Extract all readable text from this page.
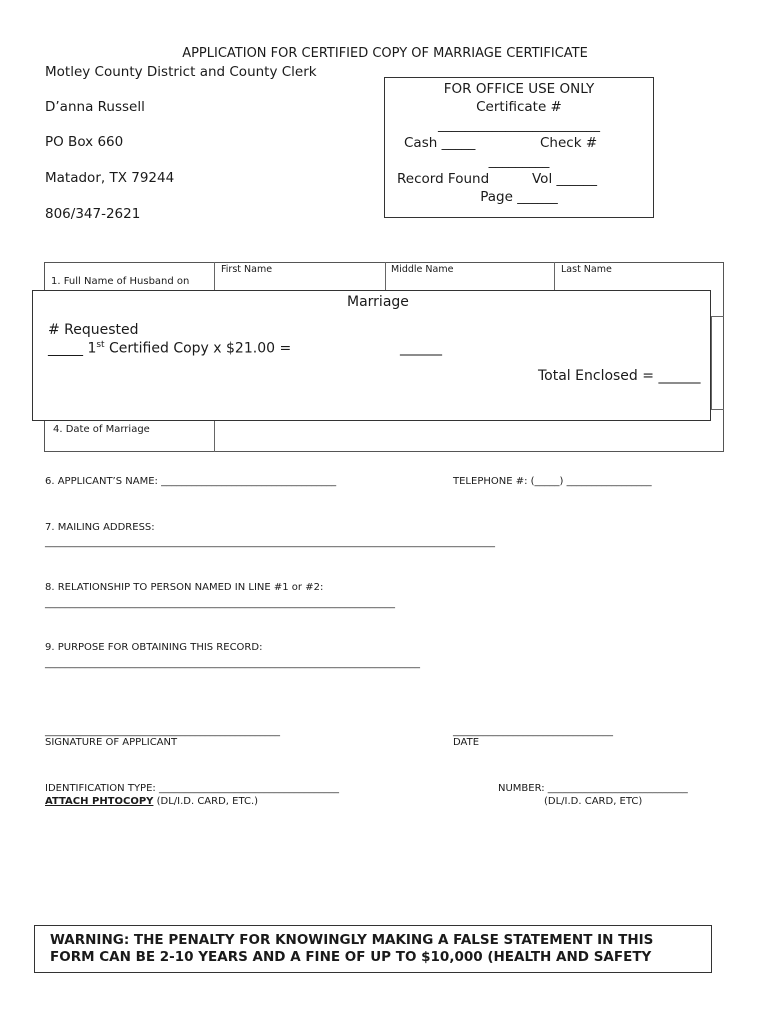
APPLICATION FOR CERTIFIED COPY OF MARRIAGE CERTIFICATE
Motley County District and County Clerk
D’anna Russell
PO Box 660
Matador, TX 79244
806/347-2621
FOR OFFICE USE ONLY
Certificate #
________________________
Cash _____	Check #
_________
Record Found	Vol ______
Page ______
First Name	Middle Name	Last Name
1. Full Name of Husband on
4. Date of Marriage
Marriage
# Requested
_____ 1st Certified Copy x $21.00 =	______
Total Enclosed = ______
6. APPLICANT’S NAME: ___________________________________	TELEPHONE #: (_____) _________________
7. MAILING ADDRESS:
__________________________________________________________________________________________
8. RELATIONSHIP TO PERSON NAMED IN LINE #1 or #2:
______________________________________________________________________
9. PURPOSE FOR OBTAINING THIS RECORD:
___________________________________________________________________________
_______________________________________________
SIGNATURE OF APPLICANT
________________________________
DATE
IDENTIFICATION TYPE: ____________________________________
ATTACH PHTOCOPY (DL/I.D. CARD, ETC.)
NUMBER: ____________________________
(DL/I.D. CARD, ETC)
WARNING: THE PENALTY FOR KNOWINGLY MAKING A FALSE STATEMENT IN THIS
FORM CAN BE 2-10 YEARS AND A FINE OF UP TO $10,000 (HEALTH AND SAFETY
